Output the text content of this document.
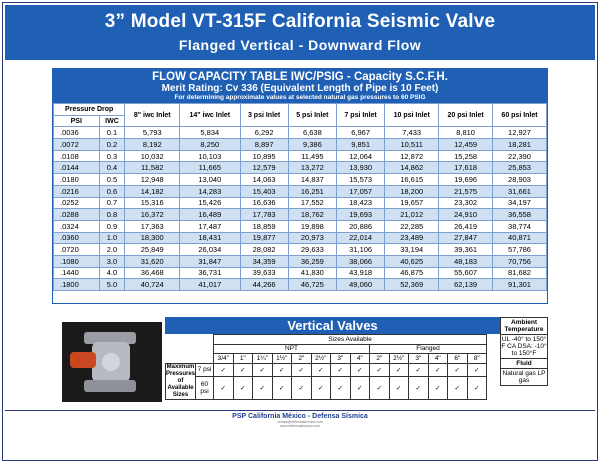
3” Model VT-315F California Seismic Valve
Flanged Vertical - Downward Flow
FLOW CAPACITY TABLE IWC/PSIG - Capacity S.C.F.H.
Merit Rating: Cv 336 (Equivalent Length of Pipe is 10 Feet)
For determining approximate values at selected natural gas pressures to 60 PSIG
Pressure Drop		8" iwc Inlet	14" iwc Inlet	3 psi Inlet	5 psi Inlet	7 psi Inlet	10 psi Inlet	20 psi Inlet	60 psi Inlet
PSI	IWC								
.0036	0.1	5,793	5,834	6,292	6,638	6,967	7,433	8,810	12,927
.0072	0.2	8,192	8,250	8,897	9,386	9,851	10,511	12,459	18,281
.0108	0.3	10,032	10,103	10,895	11,495	12,064	12,872	15,258	22,390
.0144	0.4	11,582	11,665	12,579	13,272	13,930	14,862	17,618	25,853
.0180	0.5	12,948	13,040	14,063	14,837	15,573	16,615	19,696	28,903
.0216	0.6	14,182	14,283	15,403	16,251	17,057	18,200	21,575	31,661
.0252	0.7	15,316	15,426	16,636	17,552	18,423	19,657	23,302	34,197
.0288	0.8	16,372	16,489	17,783	18,762	19,693	21,012	24,910	36,558
.0324	0.9	17,363	17,487	18,859	19,898	20,886	22,285	26,419	38,774
.0360	1.0	18,300	18,431	19,877	20,973	22,014	23,489	27,847	40,871
.0720	2.0	25,849	26,034	28,082	29,633	31,106	33,194	39,361	57,786
.1080	3.0	31,620	31,847	34,359	36,259	38,066	40,625	48,183	70,756
.1440	4.0	36,468	36,731	39,633	41,830	43,918	46,875	55,607	81,682
.1800	5.0	40,724	41,017	44,266	46,725	49,060	52,369	62,139	91,301
Vertical Valves
		Sizes Available													
		NPT								Flanged					
		3/4"	1"	1¼"	1½"	2"	2½"	3"	4"	2"	2½"	3"	4"	6"	8"
Maximum Pressures of Available Sizes	7 psi	✓	✓	✓	✓	✓	✓	✓	✓	✓	✓	✓	✓	✓	✓
	60 psi	✓	✓	✓	✓	✓	✓	✓	✓	✓	✓	✓	✓	✓	✓
Ambient Temperature
UL -40° to 150° F CA DSA: -10° to 150°F
Fluid
Natural gas LP gas
PSP California México - Defensa Sísmica
ventas@defensasismica.com
www.defensasismica.com
